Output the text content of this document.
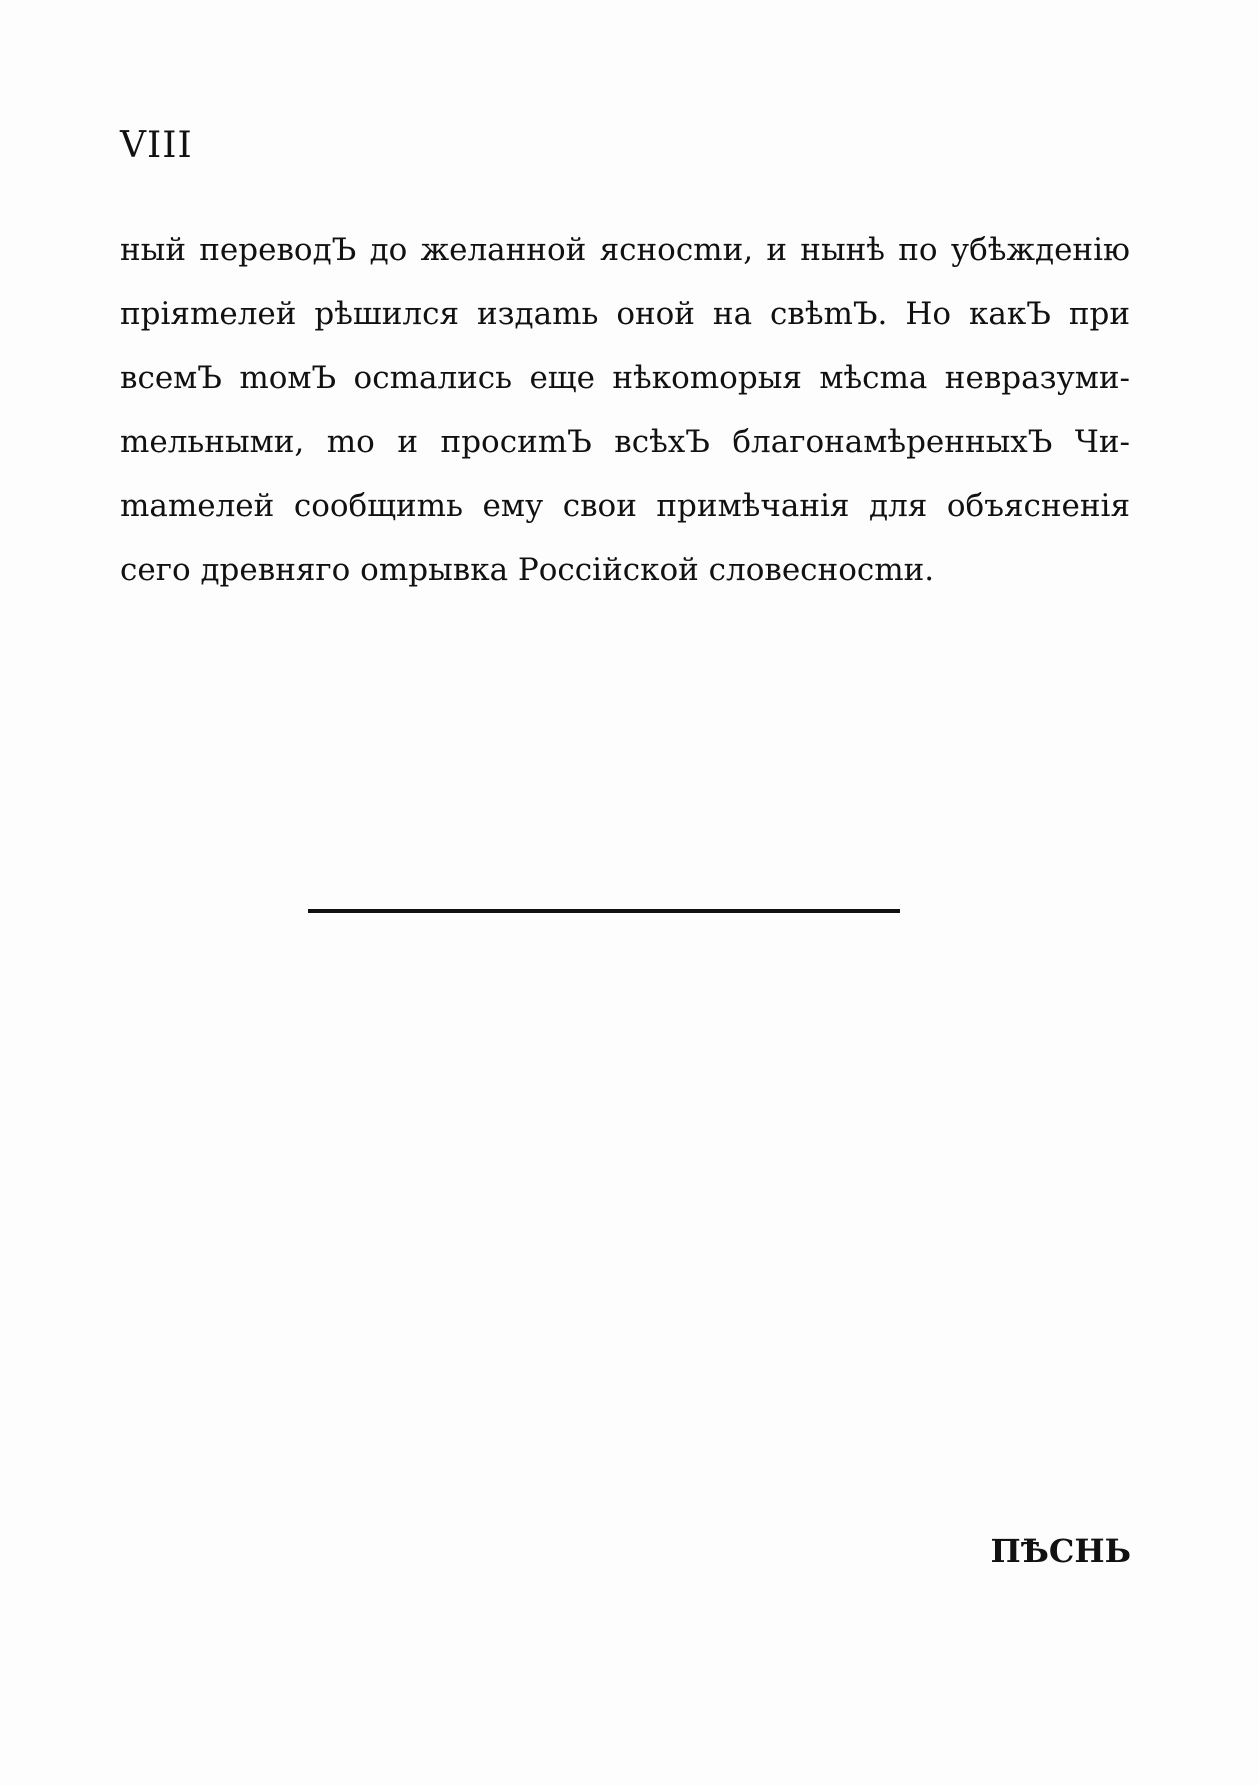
VIII

ный переводЪ до желанной ясносmи, и нынѣ по убѣжденiю
прiяmелей рѣшился издаmь оной на свѣmЪ. Но какЪ при
всемЪ mомЪ осmались еще нѣкоmорыя мѣсmа невразуми-
mельными, mо и просиmЪ всѣхЪ благонамѣренныхЪ Чи-
mаmелей сообщиmь ему свои примѣчанiя для объясненiя
сего древняго оmрывка Россiйской словесносmи.

ПѢСНЬ
